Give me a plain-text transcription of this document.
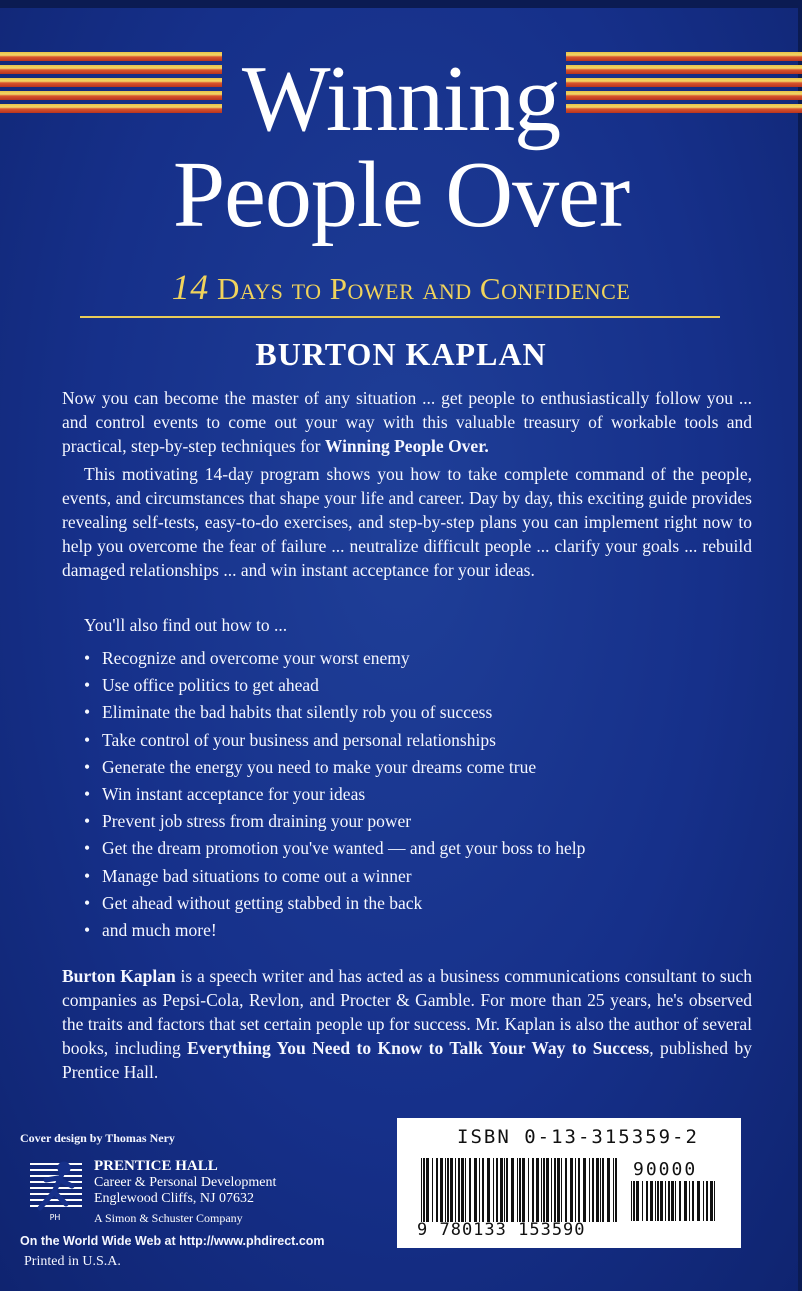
Winning
People Over
14 Days to Power and Confidence
BURTON KAPLAN

Now you can become the master of any situation ... get people to enthusiastically follow you ... and control events to come out your way with this valuable treasury of workable tools and practical, step-by-step techniques for Winning People Over.

This motivating 14-day program shows you how to take complete command of the people, events, and circumstances that shape your life and career. Day by day, this exciting guide provides revealing self-tests, easy-to-do exercises, and step-by-step plans you can implement right now to help you overcome the fear of failure ... neutralize difficult people ... clarify your goals ... rebuild damaged relationships ... and win instant acceptance for your ideas.

You'll also find out how to ...

• Recognize and overcome your worst enemy
• Use office politics to get ahead
• Eliminate the bad habits that silently rob you of success
• Take control of your business and personal relationships
• Generate the energy you need to make your dreams come true
• Win instant acceptance for your ideas
• Prevent job stress from draining your power
• Get the dream promotion you've wanted — and get your boss to help
• Manage bad situations to come out a winner
• Get ahead without getting stabbed in the back
• and much more!

Burton Kaplan is a speech writer and has acted as a business communications consultant to such companies as Pepsi-Cola, Revlon, and Procter & Gamble. For more than 25 years, he's observed the traits and factors that set certain people up for success. Mr. Kaplan is also the author of several books, including Everything You Need to Know to Talk Your Way to Success, published by Prentice Hall.

Cover design by Thomas Nery
PH
PRENTICE HALL
Career & Personal Development
Englewood Cliffs, NJ 07632
A Simon & Schuster Company
On the World Wide Web at http://www.phdirect.com
Printed in U.S.A.
ISBN 0-13-315359-2
90000
9 780133 153590
